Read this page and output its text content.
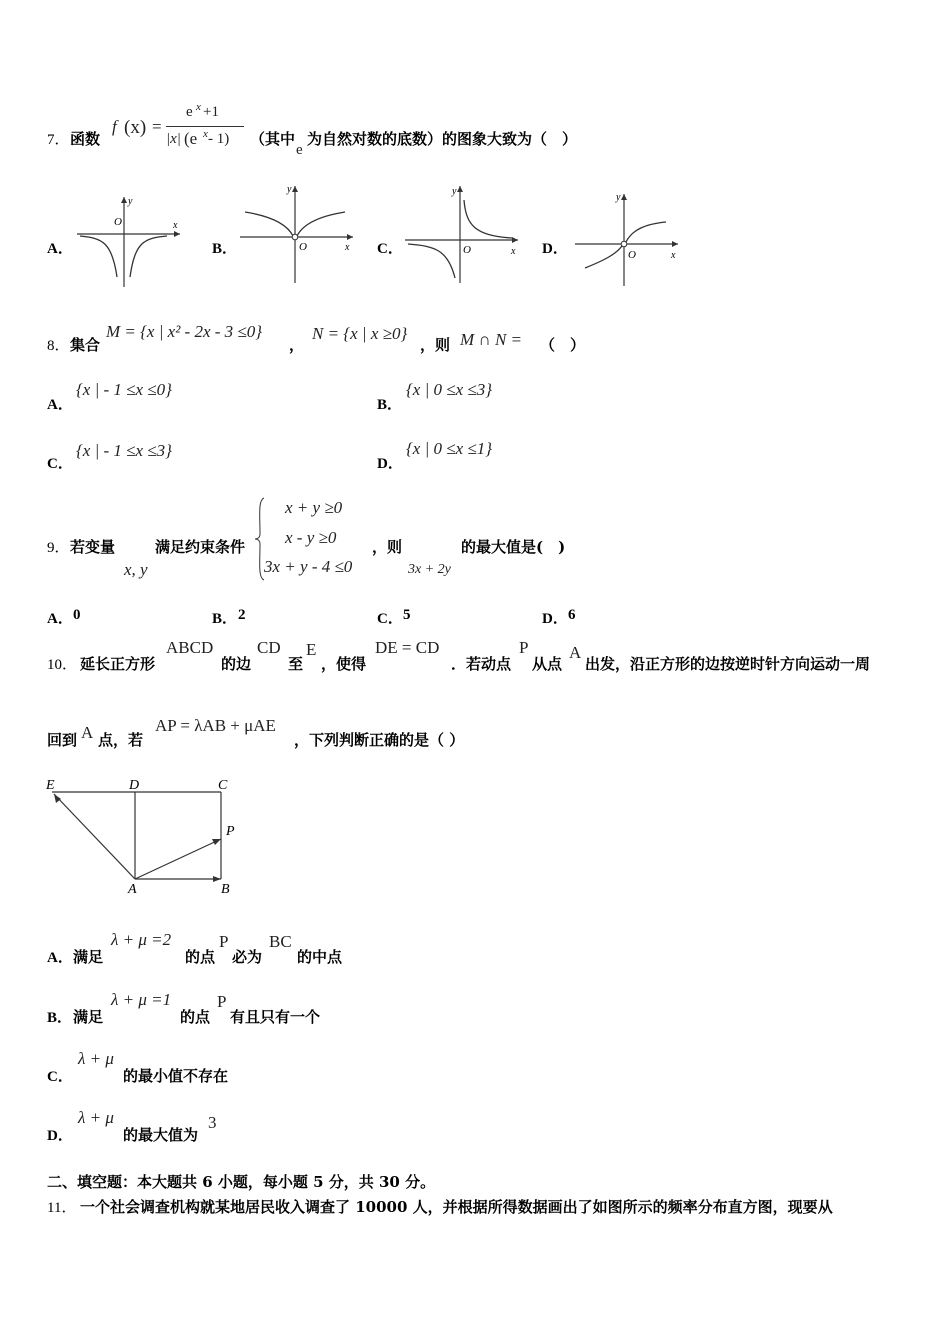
7． 函数
f (x) =
e x +1
|x| (e x - 1) （其中
e
为自然对数的底数）的图象大致为（　）
A．
x
y
O
B．	x
y
O	C．	x
y
O	D．	x
y
O
8． 集合
M = {x | x² - 2x - 3 ≤0}
，
N = {x | x ≥0}
，则 M ∩ N = （　）
A．
{x | - 1 ≤x ≤0}
B．
{x | 0 ≤x ≤3}
C．
{x | - 1 ≤x ≤3}
D．
{x | 0 ≤x ≤1}
9． 若变量
x, y
满足约束条件
x + y ≥0
x - y ≥0
3x + y - 4 ≤0
，则
3x + 2y
的最大值是(　)
A． 0	B． 2	C． 5	D． 6
10． 延长正方形
ABCD
的边
CD
至
E
，使得
DE = CD
．若动点
P
从点
A
出发，沿正方形的边按逆时针方向运动一周
回到 A 点，若
AP = λAB + μAE
，下列判断正确的是（ ）
E	D	C
P
A	B
A． 满足
λ + μ =2
的点
P
必为
BC
的中点
B． 满足
λ + μ =1
的点
P
有且只有一个
C．
λ + μ
的最小值不存在
D．
λ + μ
的最大值为
3
二、填空题：本大题共 6 小题，每小题 5 分，共 30 分。
11． 一个社会调查机构就某地居民收入调查了 10000 人，并根据所得数据画出了如图所示的频率分布直方图，现要从
